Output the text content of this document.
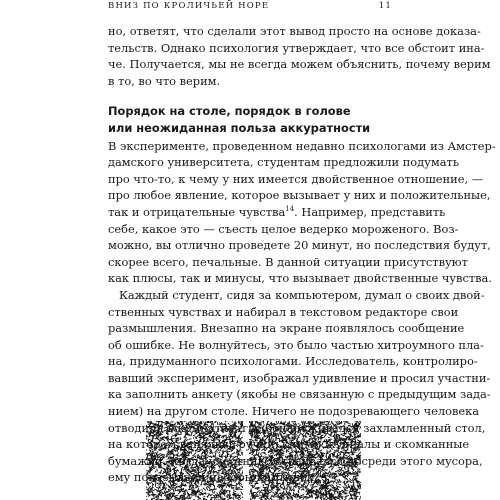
ВНИЗ ПО КРОЛИЧЬЕЙ НОРЕ	11

но, ответят, что сделали этот вывод просто на основе доказа-
тельств. Однако психология утверждает, что все обстоит ина-
че. Получается, мы не всегда можем объяснить, почему верим
в то, во что верим.

Порядок на столе, порядок в голове
или неожиданная польза аккуратности

В эксперименте, проведенном недавно психологами из Амстер-
дамского университета, студентам предложили подумать
про что-то, к чему у них имеется двойственное отношение, —
про любое явление, которое вызывает у них и положительные,
так и отрицательные чувства$^{14}$. Например, представить
себе, какое это — съесть целое ведерко мороженого. Воз-
можно, вы отлично проведете 20 минут, но последствия будут,
скорее всего, печальные. В данной ситуации присутствуют
как плюсы, так и минусы, что вызывает двойственные чувства.

Каждый студент, сидя за компьютером, думал о своих двой-
ственных чувствах и набирал в текстовом редакторе свои
размышления. Внезапно на экране появлялось сообщение
об ошибке. Не волнуйтесь, это было частью хитроумного пла-
на, придуманного психологами. Исследователь, контролиро-
вавший эксперимент, изображал удивление и просил участни-
ка заполнить анкету (якобы не связанную с предыдущим зада-
нием) на другом столе. Ничего не подозревающего человека
отводили в комнатку, где обнаруживался захламленный стол,
на котором валялись ручки, книги, журналы и скомканные
бумажки. Когда участник устраивался посреди этого мусора,
ему показывали наборы картинок.
